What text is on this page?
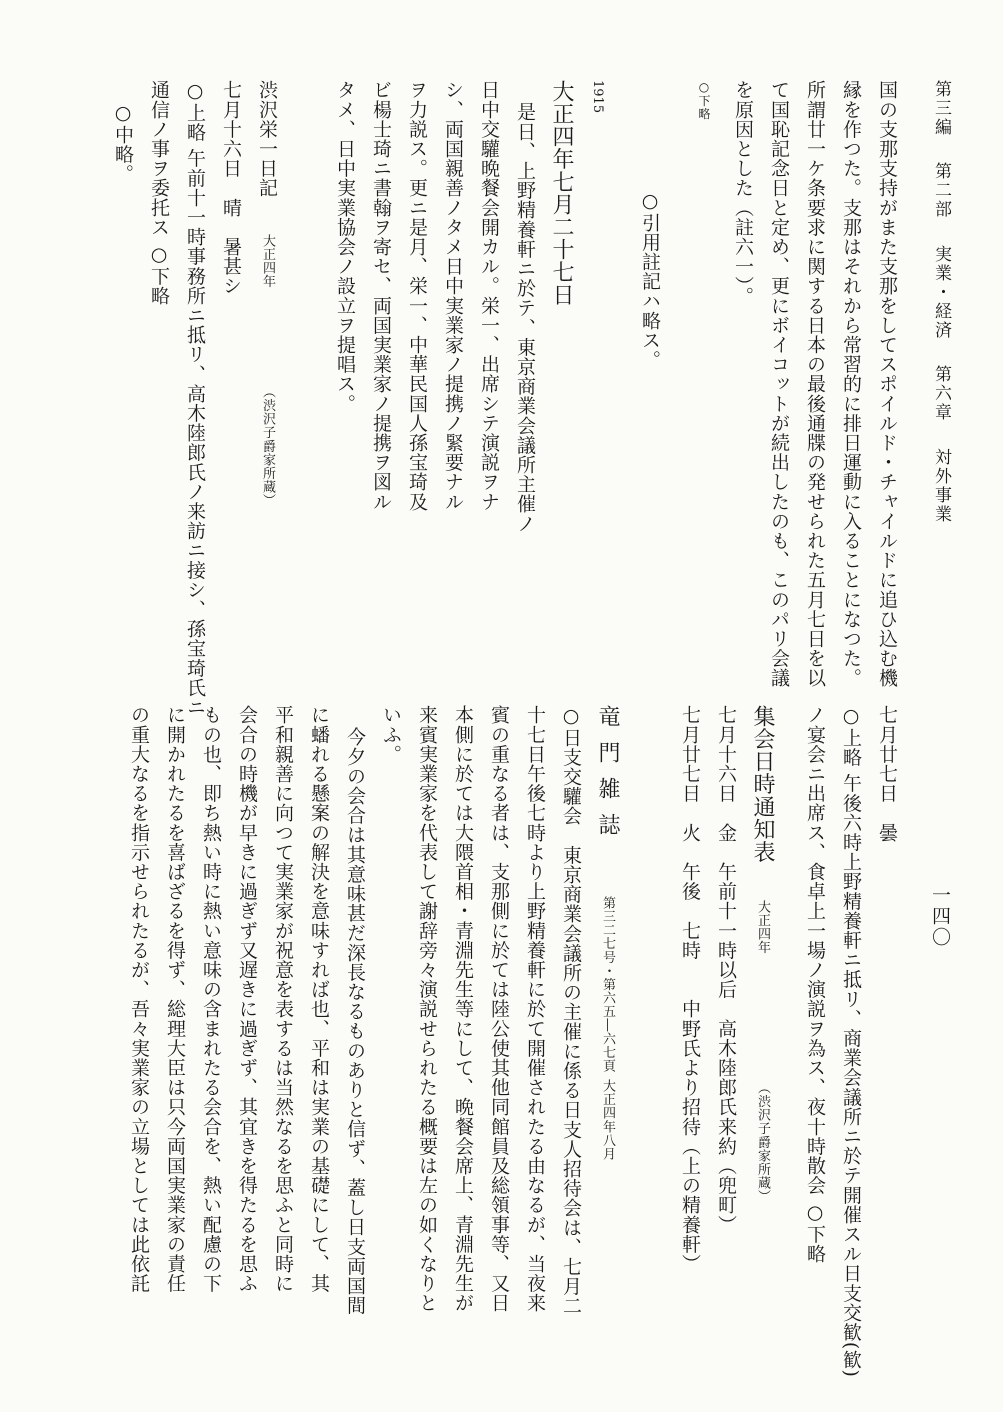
第三編 第二部 実業・経済 第六章 対外事業
一四〇
国の支那支持がまた支那をしてスポイルド・チャイルドに追ひ込む機
縁を作つた。支那はそれから常習的に排日運動に入ることになつた。
所謂廿一ケ条要求に関する日本の最後通牒の発せられた五月七日を以
て国恥記念日と定め、更にボイコットが続出したのも、このパリ会議
を原因とした（註六一）。
○下略
○引用註記ハ略ス。
1915
大正四年七月二十七日
是日、上野精養軒ニ於テ、東京商業会議所主催ノ
日中交驩晩餐会開カル。栄一、出席シテ演説ヲナ
シ、両国親善ノタメ日中実業家ノ提携ノ緊要ナル
ヲ力説ス。更ニ是月、栄一、中華民国人孫宝琦及
ビ楊士琦ニ書翰ヲ寄セ、両国実業家ノ提携ヲ図ル
タメ、日中実業協会ノ設立ヲ提唱ス。
渋沢栄一日記 大正四年 （渋沢子爵家所蔵）
七月十六日　晴　暑甚シ
○上略 午前十一時事務所ニ抵リ、高木陸郎氏ノ来訪ニ接シ、孫宝琦氏ニ
通信ノ事ヲ委托ス ○下略
○中略。
七月廿七日　曇
○上略 午後六時上野精養軒ニ抵リ、商業会議所ニ於テ開催スル日支交歓(歓)
ノ宴会ニ出席ス、食卓上一場ノ演説ヲ為ス、夜十時散会 ○下略
集会日時通知表 大正四年 （渋沢子爵家所蔵）
七月十六日　金　午前十一時以后　高木陸郎氏来約（兜町）
七月廿七日　火　午後　七時　　中野氏より招待（上の精養軒）
竜門雑誌 第三二七号・第六五―六七頁 大正四年八月
○日支交驩会　東京商業会議所の主催に係る日支人招待会は、七月二
十七日午後七時より上野精養軒に於て開催されたる由なるが、当夜来
賓の重なる者は、支那側に於ては陸公使其他同館員及総領事等、又日
本側に於ては大隈首相・青淵先生等にして、晩餐会席上、青淵先生が
来賓実業家を代表して謝辞旁々演説せられたる概要は左の如くなりと
いふ。
今夕の会合は其意味甚だ深長なるものありと信ず、蓋し日支両国間
に蟠れる懸案の解決を意味すれば也、平和は実業の基礎にして、其
平和親善に向つて実業家が祝意を表するは当然なるを思ふと同時に
会合の時機が早きに過ぎず又遅きに過ぎず、其宜きを得たるを思ふ
もの也、即ち熱い時に熱い意味の含まれたる会合を、熱い配慮の下
に開かれたるを喜ばざるを得ず、総理大臣は只今両国実業家の責任
の重大なるを指示せられたるが、吾々実業家の立場としては此依託
